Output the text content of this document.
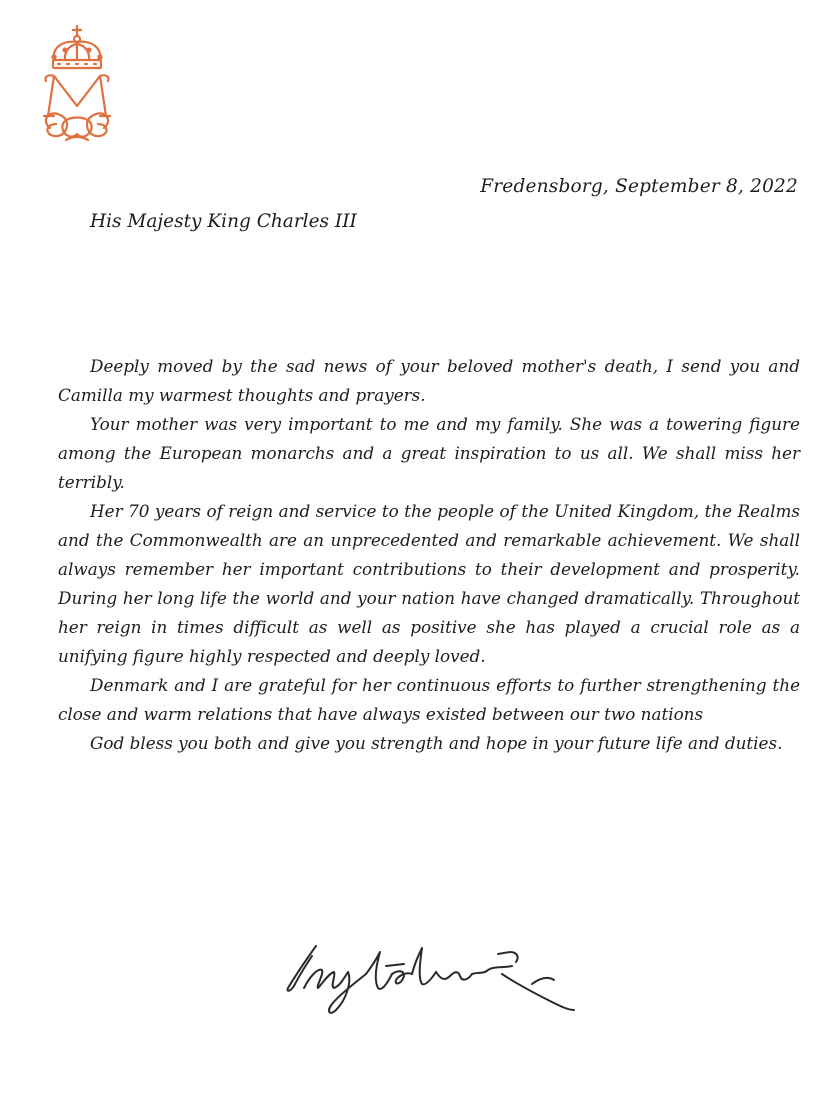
Fredensborg, September 8, 2022
His Majesty King Charles III

Deeply moved by the sad news of your beloved mother's death, I send you and Camilla my warmest thoughts and prayers.

Your mother was very important to me and my family. She was a towering figure among the European monarchs and a great inspiration to us all. We shall miss her terribly.

Her 70 years of reign and service to the people of the United Kingdom, the Realms and the Commonwealth are an unprecedented and remarkable achievement. We shall always remember her important contributions to their development and prosperity. During her long life the world and your nation have changed dramatically. Throughout her reign in times difficult as well as positive she has played a crucial role as a unifying figure highly respected and deeply loved.

Denmark and I are grateful for her continuous efforts to further strengthening the close and warm relations that have always existed between our two nations

God bless you both and give you strength and hope in your future life and duties.
